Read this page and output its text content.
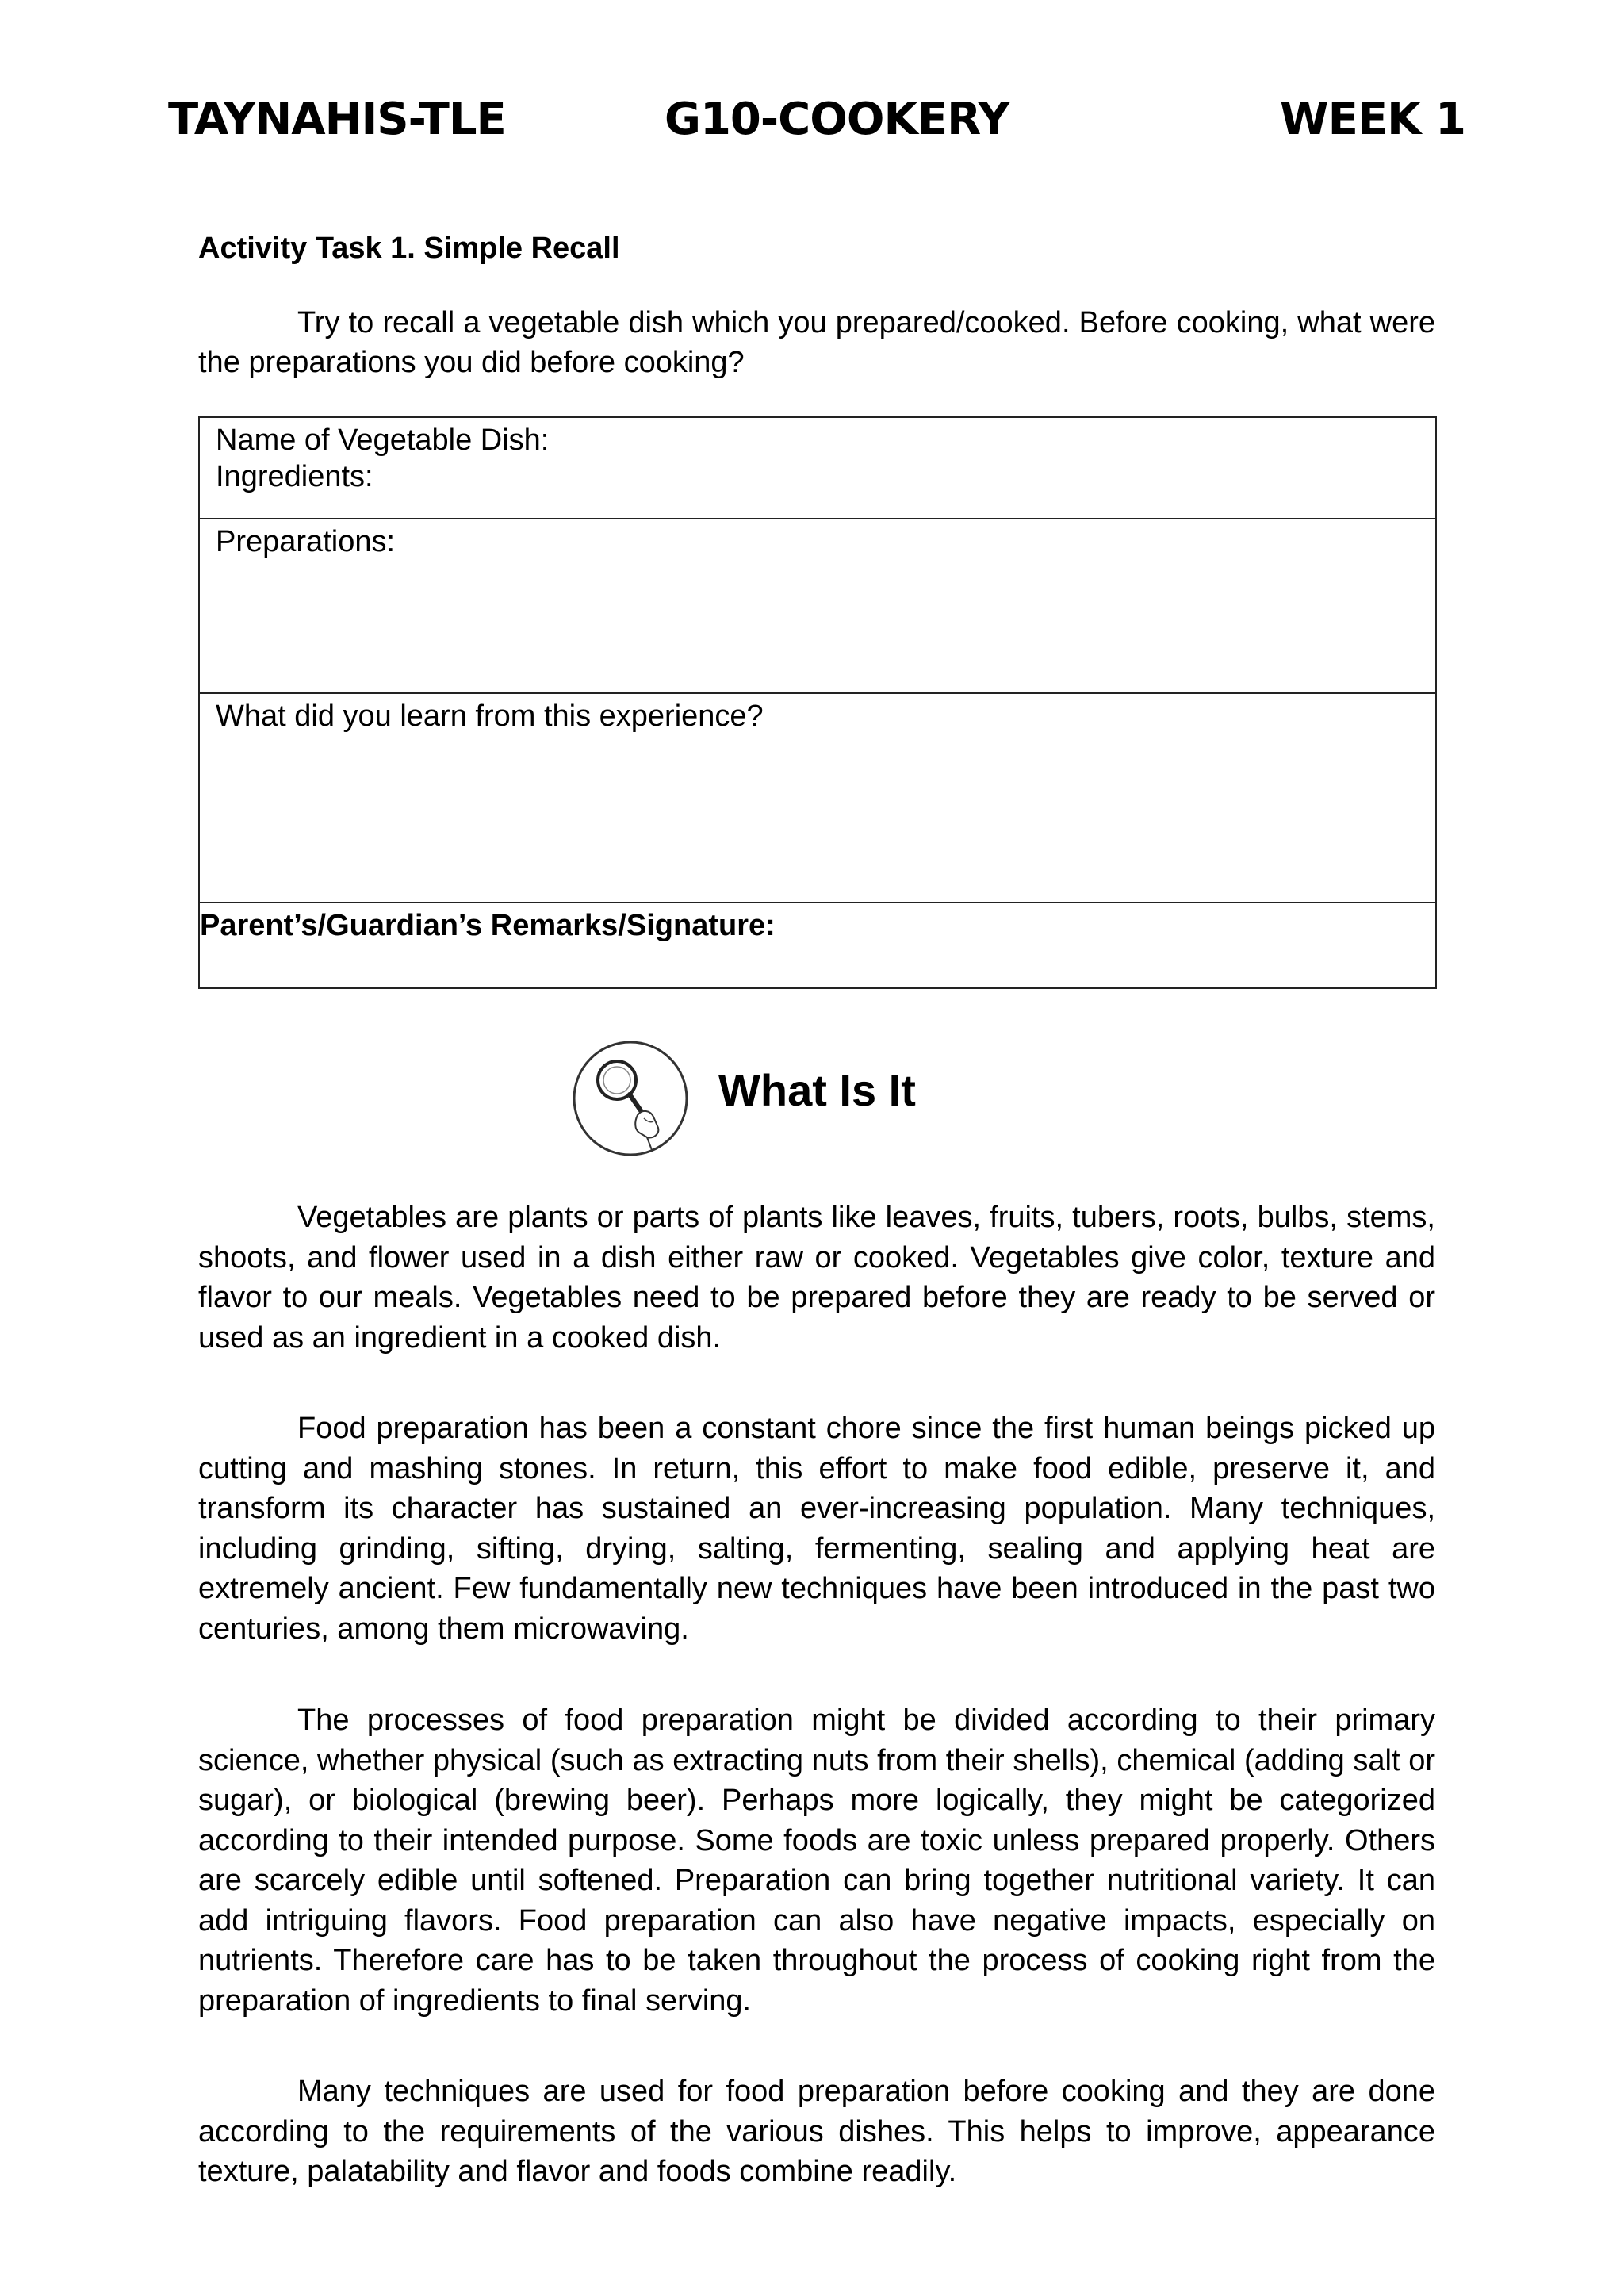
TAYNAHIS-TLE	G10-COOKERY	WEEK 1
Activity Task 1. Simple Recall

Try to recall a vegetable dish which you prepared/cooked. Before cooking, what were the preparations you did before cooking?

Name of Vegetable Dish:
Ingredients:
Preparations:
What did you learn from this experience?
Parent’s/Guardian’s Remarks/Signature:
What Is It

Vegetables are plants or parts of plants like leaves, fruits, tubers, roots, bulbs, stems, shoots, and flower used in a dish either raw or cooked. Vegetables give color, texture and flavor to our meals. Vegetables need to be prepared before they are ready to be served or used as an ingredient in a cooked dish.

Food preparation has been a constant chore since the first human beings picked up cutting and mashing stones. In return, this effort to make food edible, preserve it, and transform its character has sustained an ever-increasing population. Many techniques, including grinding, sifting, drying, salting, fermenting, sealing and applying heat are extremely ancient. Few fundamentally new techniques have been introduced in the past two centuries, among them microwaving.

The processes of food preparation might be divided according to their primary science, whether physical (such as extracting nuts from their shells), chemical (adding salt or sugar), or biological (brewing beer). Perhaps more logically, they might be categorized according to their intended purpose. Some foods are toxic unless prepared properly. Others are scarcely edible until softened. Preparation can bring together nutritional variety. It can add intriguing flavors. Food preparation can also have negative impacts, especially on nutrients. Therefore care has to be taken throughout the process of cooking right from the preparation of ingredients to final serving.

Many techniques are used for food preparation before cooking and they are done according to the requirements of the various dishes. This helps to improve, appearance texture, palatability and flavor and foods combine readily.
